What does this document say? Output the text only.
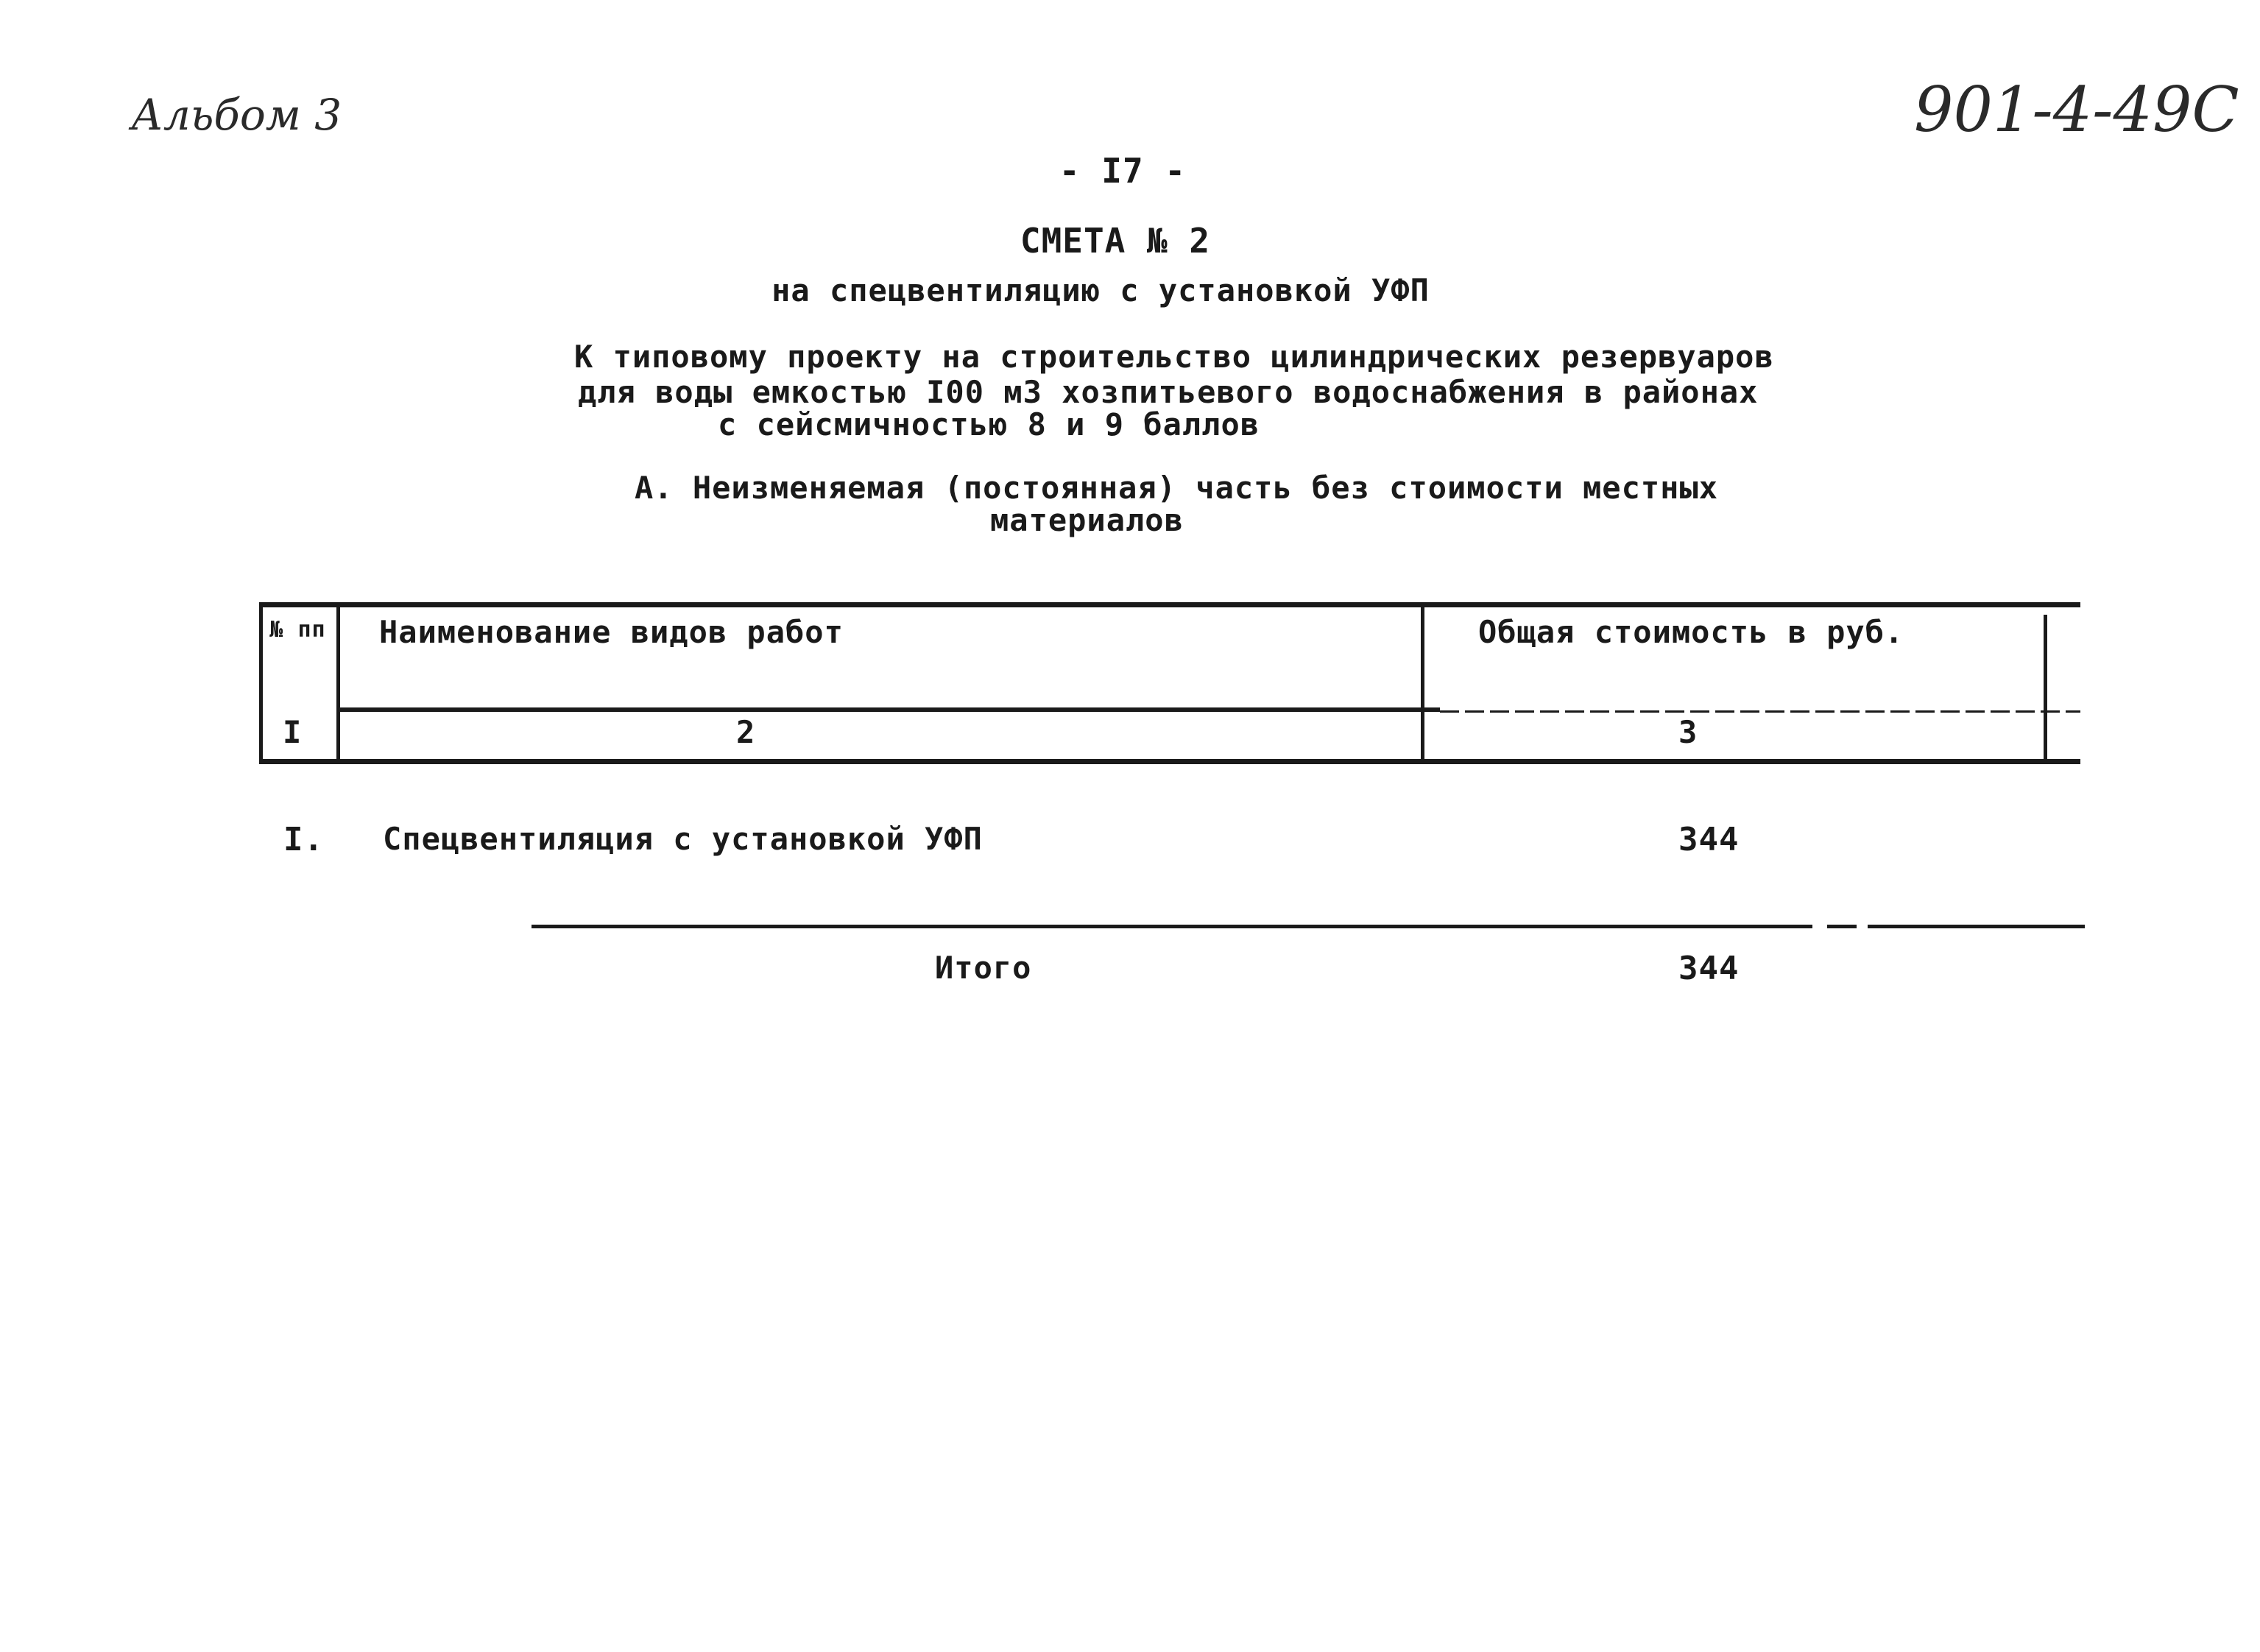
Альбом 3	901-4-49С
- I7 -
СМЕТА № 2
на спецвентиляцию с установкой УФП
К типовому проекту на строительство цилиндрических резервуаров
для воды емкостью I00 м3 хозпитьевого водоснабжения в районах
с сейсмичностью 8 и 9 баллов
А. Неизменяемая (постоянная) часть без стоимости местных
материалов
№ пп	Наименование видов работ	Общая стоимость в руб.
I	2	3
I. Спецвентиляция с установкой УФП	344
Итого	344
